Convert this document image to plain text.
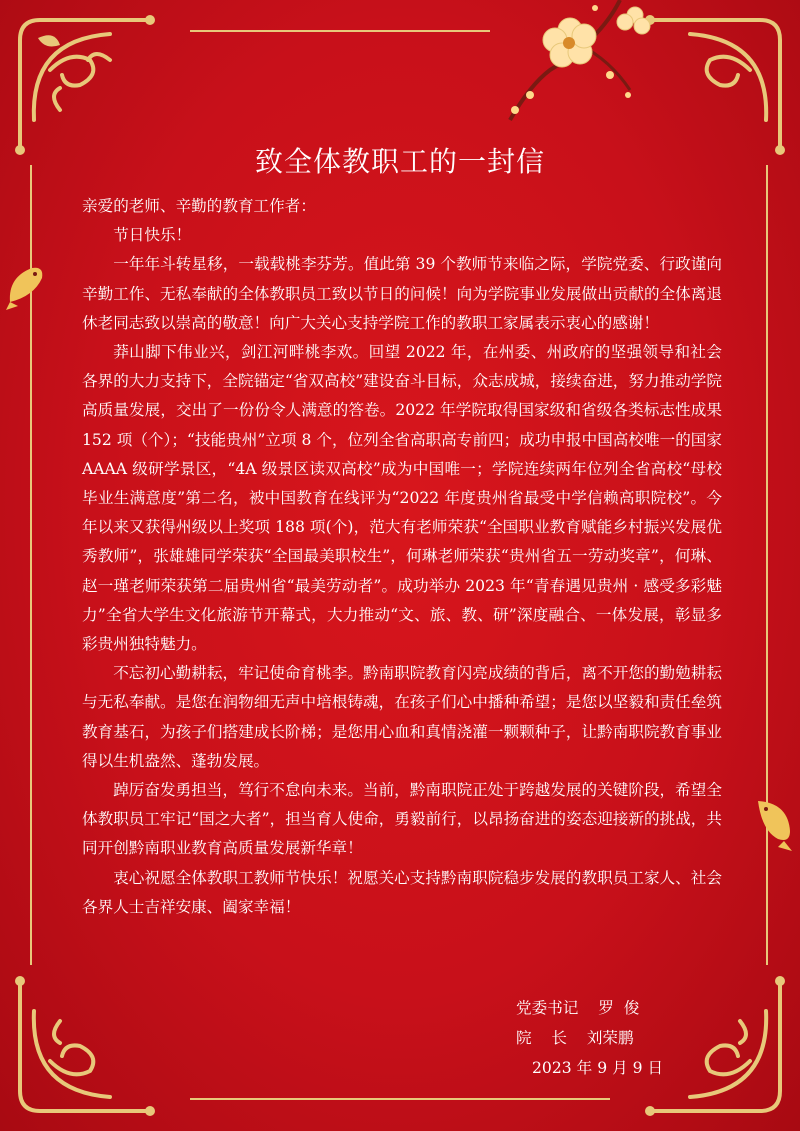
致全体教职工的一封信

亲爱的老师、辛勤的教育工作者：

节日快乐！

一年年斗转星移，一载载桃李芬芳。值此第 39 个教师节来临之际，学院党委、行政谨向辛勤工作、无私奉献的全体教职员工致以节日的问候！向为学院事业发展做出贡献的全体离退休老同志致以崇高的敬意！向广大关心支持学院工作的教职工家属表示衷心的感谢！

莽山脚下伟业兴，剑江河畔桃李欢。回望 2022 年，在州委、州政府的坚强领导和社会各界的大力支持下，全院锚定“省双高校”建设奋斗目标，众志成城，接续奋进，努力推动学院高质量发展，交出了一份份令人满意的答卷。2022 年学院取得国家级和省级各类标志性成果 152 项（个）；“技能贵州”立项 8 个，位列全省高职高专前四；成功申报中国高校唯一的国家 AAAA 级研学景区，“4A 级景区读双高校”成为中国唯一；学院连续两年位列全省高校“母校毕业生满意度”第二名，被中国教育在线评为“2022 年度贵州省最受中学信赖高职院校”。今年以来又获得州级以上奖项 188 项(个)，范大有老师荣获“全国职业教育赋能乡村振兴发展优秀教师”，张雄雄同学荣获“全国最美职校生”，何琳老师荣获“贵州省五一劳动奖章”，何琳、赵一瑾老师荣获第二届贵州省“最美劳动者”。成功举办 2023 年“青春遇见贵州 · 感受多彩魅力”全省大学生文化旅游节开幕式，大力推动“文、旅、教、研”深度融合、一体发展，彰显多彩贵州独特魅力。

不忘初心勤耕耘，牢记使命育桃李。黔南职院教育闪亮成绩的背后，离不开您的勤勉耕耘与无私奉献。是您在润物细无声中培根铸魂，在孩子们心中播种希望；是您以坚毅和责任垒筑教育基石，为孩子们搭建成长阶梯；是您用心血和真情浇灌一颗颗种子，让黔南职院教育事业得以生机盎然、蓬勃发展。

踔厉奋发勇担当，笃行不怠向未来。当前，黔南职院正处于跨越发展的关键阶段，希望全体教职员工牢记“国之大者”，担当育人使命，勇毅前行，以昂扬奋进的姿态迎接新的挑战，共同开创黔南职业教育高质量发展新华章！

衷心祝愿全体教职工教师节快乐！祝愿关心支持黔南职院稳步发展的教职员工家人、社会各界人士吉祥安康、阖家幸福！

党委书记    罗  俊
院    长    刘荣鹏
2023 年 9 月 9 日
